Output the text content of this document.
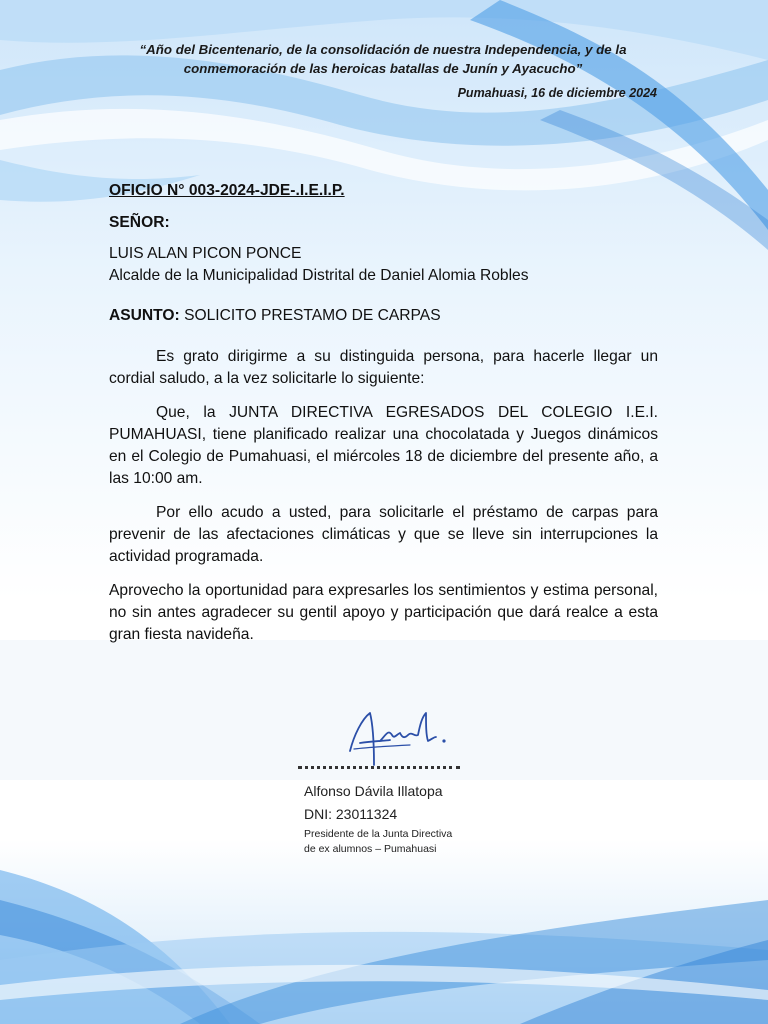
“Año del Bicentenario, de la consolidación de nuestra Independencia, y de la conmemoración de las heroicas batallas de Junín y Ayacucho”
Pumahuasi, 16 de diciembre 2024
OFICIO N° 003-2024-JDE-.I.E.I.P.
SEÑOR:
LUIS ALAN PICON PONCE
Alcalde de la Municipalidad Distrital de Daniel Alomia Robles
ASUNTO: SOLICITO PRESTAMO DE CARPAS
Es grato dirigirme a su distinguida persona, para hacerle llegar un cordial saludo, a la vez solicitarle lo siguiente:
Que, la JUNTA DIRECTIVA EGRESADOS DEL COLEGIO I.E.I. PUMAHUASI, tiene planificado realizar una chocolatada y Juegos dinámicos en el Colegio de Pumahuasi, el miércoles 18 de diciembre del presente año, a las 10:00 am.
Por ello acudo a usted, para solicitarle el préstamo de carpas para prevenir de las afectaciones climáticas y que se lleve sin interrupciones la actividad programada.
Aprovecho la oportunidad para expresarles los sentimientos y estima personal, no sin antes agradecer su gentil apoyo y participación que dará realce a esta gran fiesta navideña.
Alfonso Dávila Illatopa
DNI: 23011324
Presidente de la Junta Directiva
de ex alumnos – Pumahuasi
